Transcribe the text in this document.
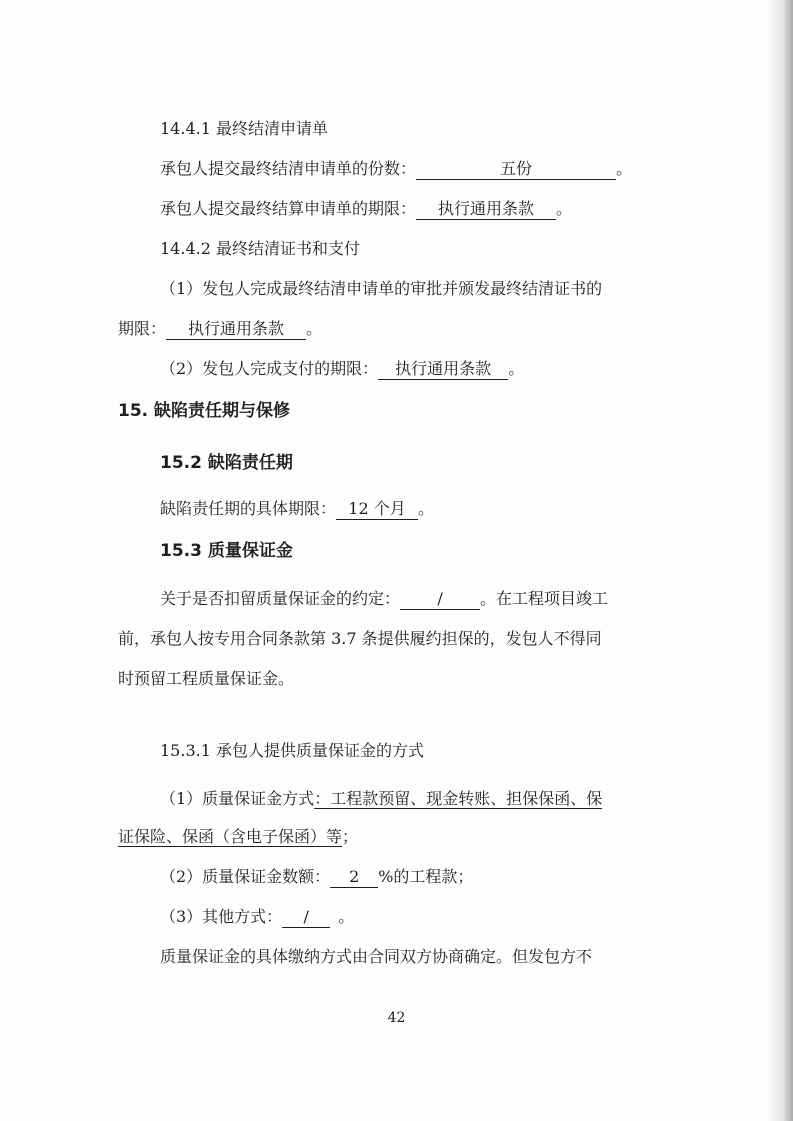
14.4.1 最终结清申请单
承包人提交最终结清申请单的份数：	五份	。
承包人提交最终结算申请单的期限： 执行通用条款 。
14.4.2 最终结清证书和支付
（1）发包人完成最终结清申请单的审批并颁发最终结清证书的
期限： 执行通用条款 。
（2）发包人完成支付的期限： 执行通用条款 。
15. 缺陷责任期与保修
15.2 缺陷责任期
缺陷责任期的具体期限： 12 个月 。
15.3 质量保证金
关于是否扣留质量保证金的约定： / 。在工程项目竣工
前，承包人按专用合同条款第 3.7 条提供履约担保的，发包人不得同
时预留工程质量保证金。
15.3.1 承包人提供质量保证金的方式
（1）质量保证金方式：工程款预留、现金转账、担保保函、保
证保险、保函（含电子保函）等；
（2）质量保证金数额： 2 %的工程款；
（3）其他方式： / 。
质量保证金的具体缴纳方式由合同双方协商确定。但发包方不
42
